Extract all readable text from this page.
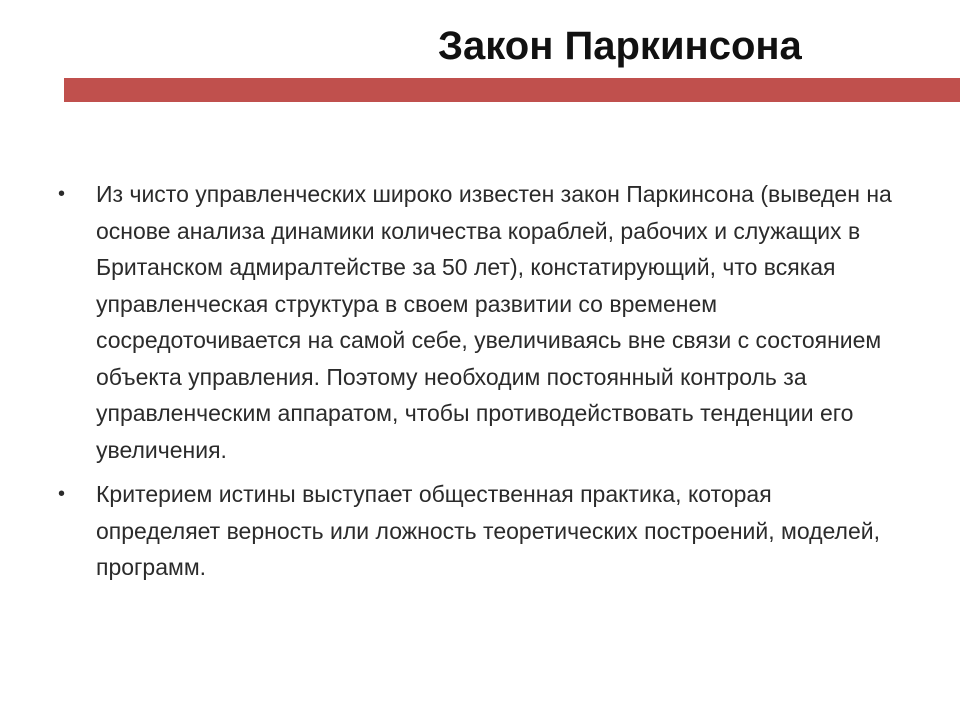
Закон Паркинсона
•	Из чисто управленческих широко известен закон Паркинсона (выведен на основе анализа динамики количества кораблей, рабочих и служащих в Британском адмиралтействе за 50 лет), констатирующий, что всякая управленческая структура в своем развитии со временем сосредоточивается на самой себе, увеличиваясь вне связи с состоянием объекта управления. Поэтому необходим постоянный контроль за управленческим аппаратом, чтобы противодействовать тенденции его увеличения.
•	Критерием истины выступает общественная практика, которая определяет верность или ложность теоретических построений, моделей, программ.
